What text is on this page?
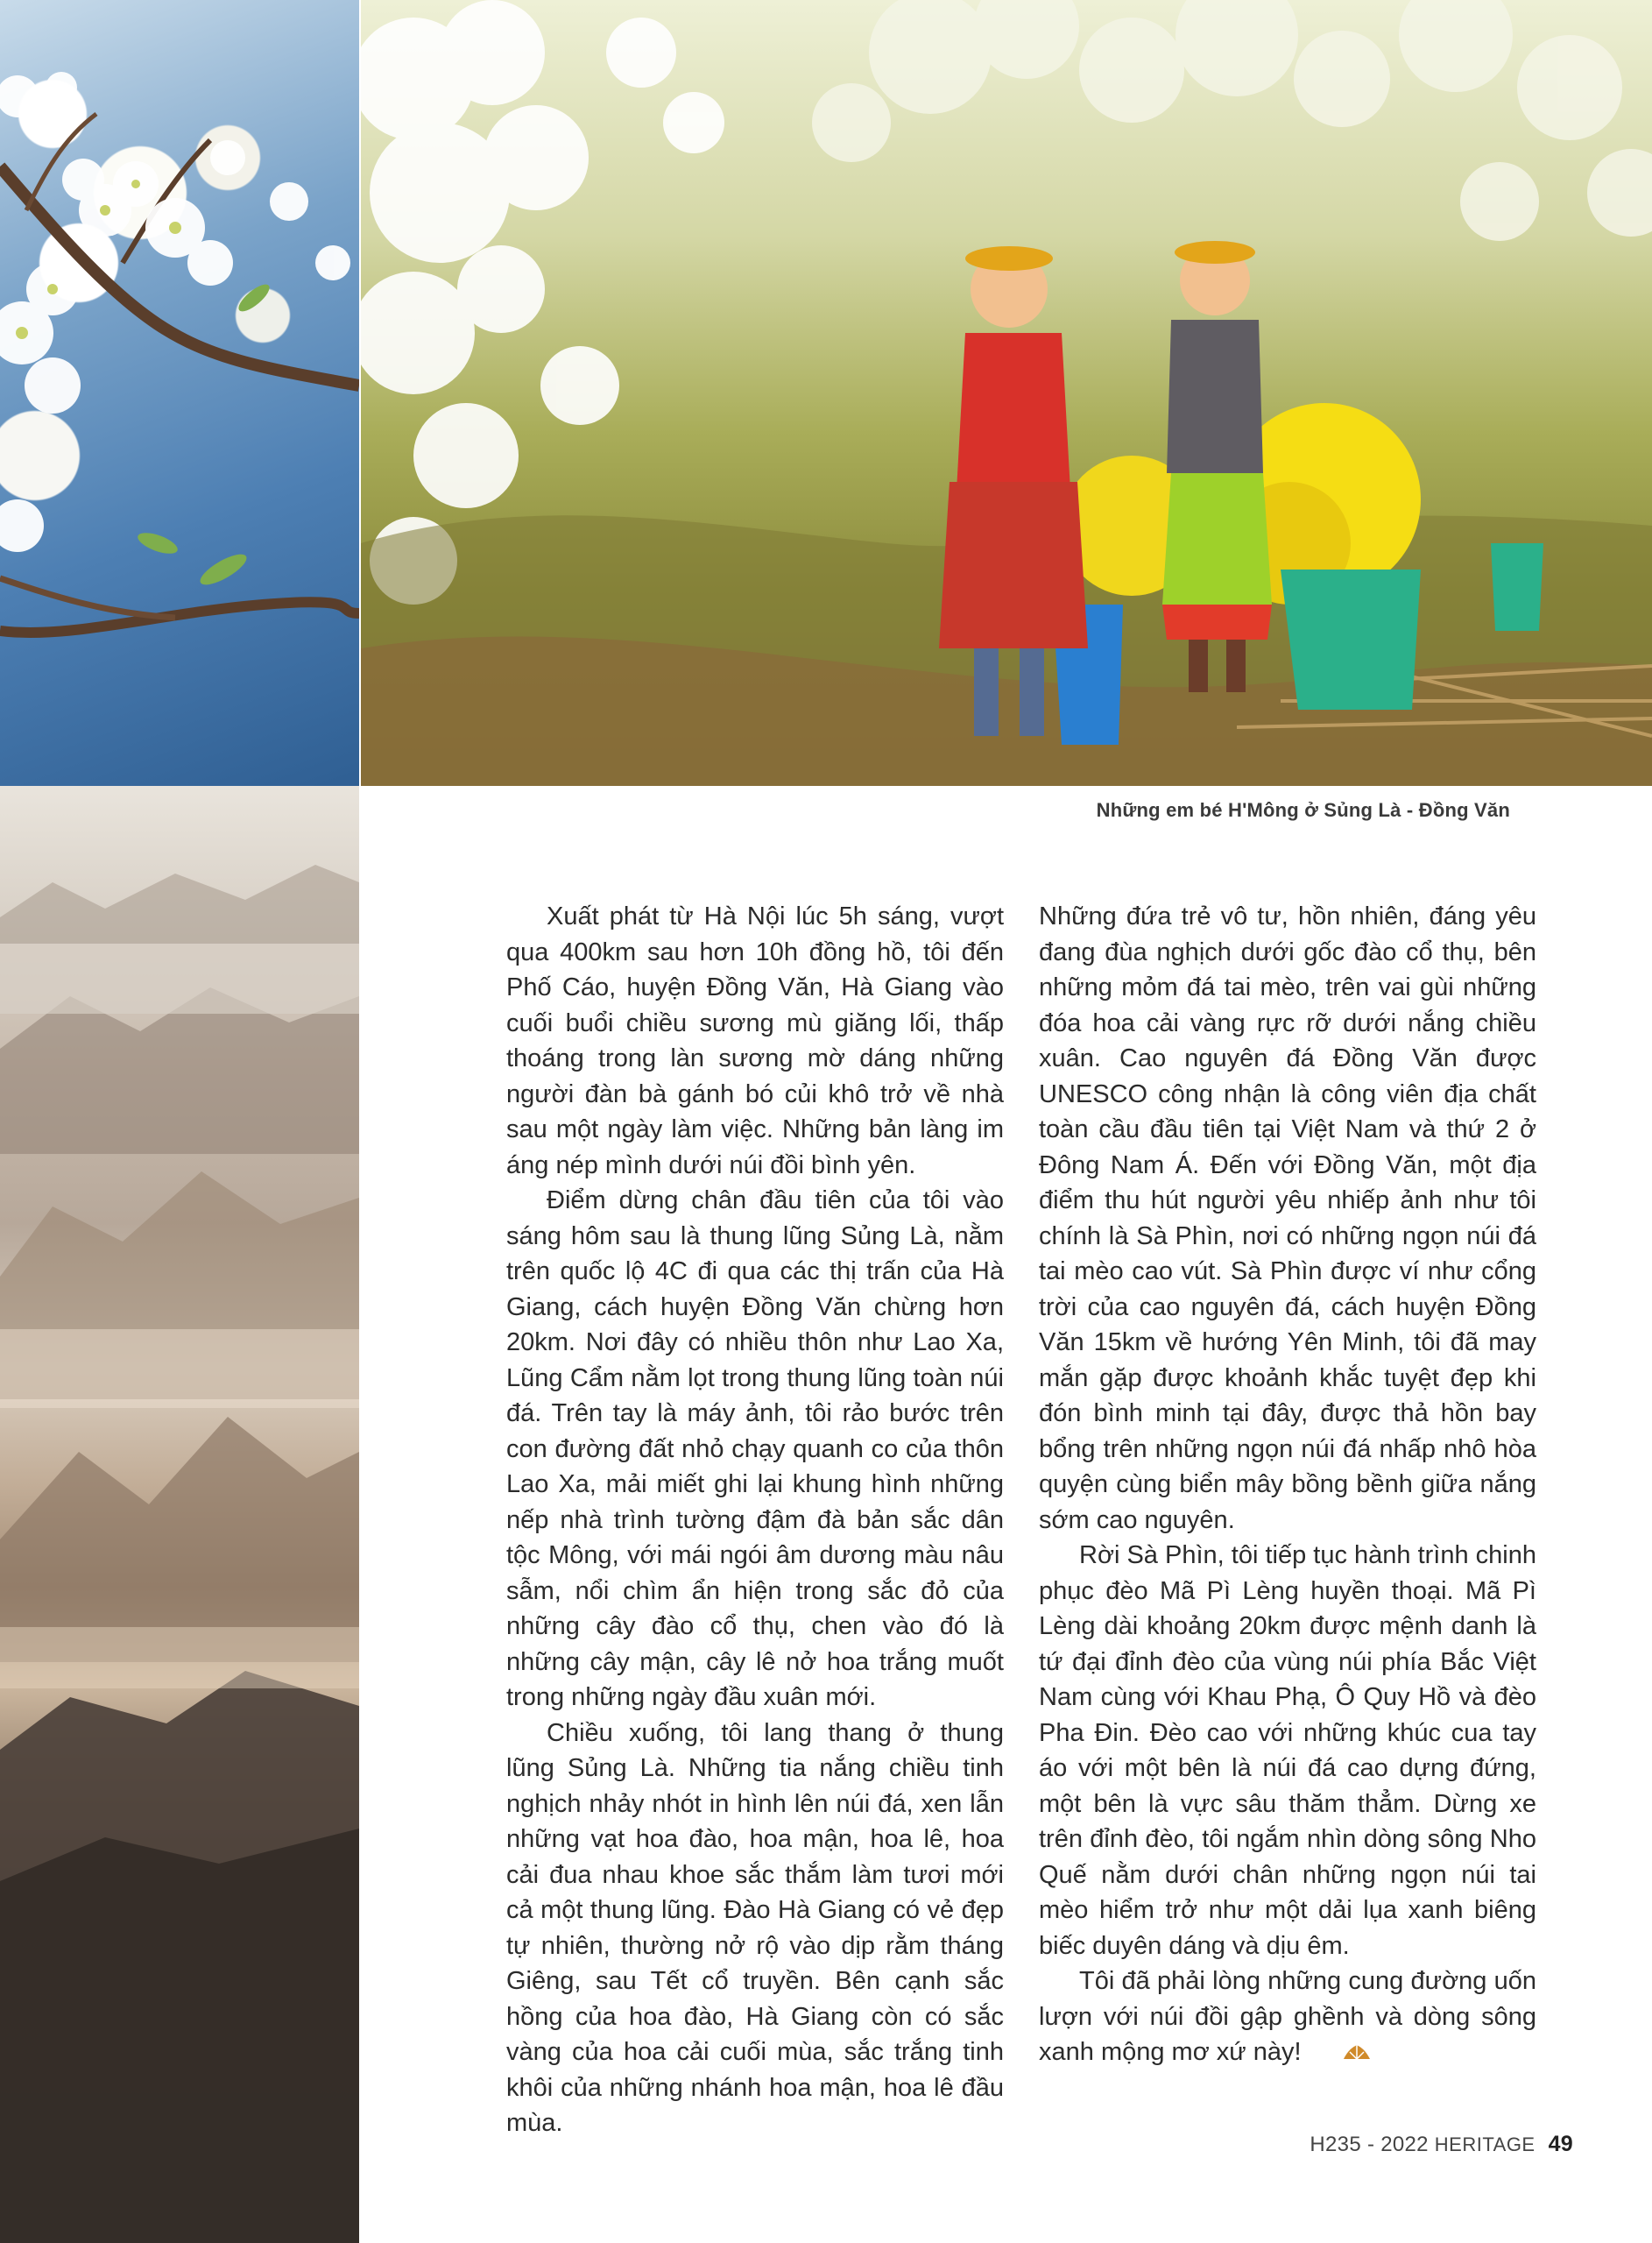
Những em bé H'Mông ở Sủng Là - Đồng Văn

Xuất phát từ Hà Nội lúc 5h sáng, vượt qua 400km sau hơn 10h đồng hồ, tôi đến Phố Cáo, huyện Đồng Văn, Hà Giang vào cuối buổi chiều sương mù giăng lối, thấp thoáng trong làn sương mờ dáng những người đàn bà gánh bó củi khô trở về nhà sau một ngày làm việc. Những bản làng im áng nép mình dưới núi đồi bình yên.

Điểm dừng chân đầu tiên của tôi vào sáng hôm sau là thung lũng Sủng Là, nằm trên quốc lộ 4C đi qua các thị trấn của Hà Giang, cách huyện Đồng Văn chừng hơn 20km. Nơi đây có nhiều thôn như Lao Xa, Lũng Cẩm nằm lọt trong thung lũng toàn núi đá. Trên tay là máy ảnh, tôi rảo bước trên con đường đất nhỏ chạy quanh co của thôn Lao Xa, mải miết ghi lại khung hình những nếp nhà trình tường đậm đà bản sắc dân tộc Mông, với mái ngói âm dương màu nâu sẫm, nổi chìm ẩn hiện trong sắc đỏ của những cây đào cổ thụ, chen vào đó là những cây mận, cây lê nở hoa trắng muốt trong những ngày đầu xuân mới.

Chiều xuống, tôi lang thang ở thung lũng Sủng Là. Những tia nắng chiều tinh nghịch nhảy nhót in hình lên núi đá, xen lẫn những vạt hoa đào, hoa mận, hoa lê, hoa cải đua nhau khoe sắc thắm làm tươi mới cả một thung lũng. Đào Hà Giang có vẻ đẹp tự nhiên, thường nở rộ vào dịp rằm tháng Giêng, sau Tết cổ truyền. Bên cạnh sắc hồng của hoa đào, Hà Giang còn có sắc vàng của hoa cải cuối mùa, sắc trắng tinh khôi của những nhánh hoa mận, hoa lê đầu mùa.

Những đứa trẻ vô tư, hồn nhiên, đáng yêu đang đùa nghịch dưới gốc đào cổ thụ, bên những mỏm đá tai mèo, trên vai gùi những đóa hoa cải vàng rực rỡ dưới nắng chiều xuân. Cao nguyên đá Đồng Văn được UNESCO công nhận là công viên địa chất toàn cầu đầu tiên tại Việt Nam và thứ 2 ở Đông Nam Á. Đến với Đồng Văn, một địa điểm thu hút người yêu nhiếp ảnh như tôi chính là Sà Phìn, nơi có những ngọn núi đá tai mèo cao vút. Sà Phìn được ví như cổng trời của cao nguyên đá, cách huyện Đồng Văn 15km về hướng Yên Minh, tôi đã may mắn gặp được khoảnh khắc tuyệt đẹp khi đón bình minh tại đây, được thả hồn bay bổng trên những ngọn núi đá nhấp nhô hòa quyện cùng biển mây bồng bềnh giữa nắng sớm cao nguyên.

Rời Sà Phìn, tôi tiếp tục hành trình chinh phục đèo Mã Pì Lèng huyền thoại. Mã Pì Lèng dài khoảng 20km được mệnh danh là tứ đại đỉnh đèo của vùng núi phía Bắc Việt Nam cùng với Khau Phạ, Ô Quy Hồ và đèo Pha Đin. Đèo cao với những khúc cua tay áo với một bên là núi đá cao dựng đứng, một bên là vực sâu thăm thẳm. Dừng xe trên đỉnh đèo, tôi ngắm nhìn dòng sông Nho Quế nằm dưới chân những ngọn núi tai mèo hiểm trở như một dải lụa xanh biêng biếc duyên dáng và dịu êm.

Tôi đã phải lòng những cung đường uốn lượn với núi đồi gập ghềnh và dòng sông xanh mộng mơ xứ này!

H235 - 2022 HERITAGE 49
